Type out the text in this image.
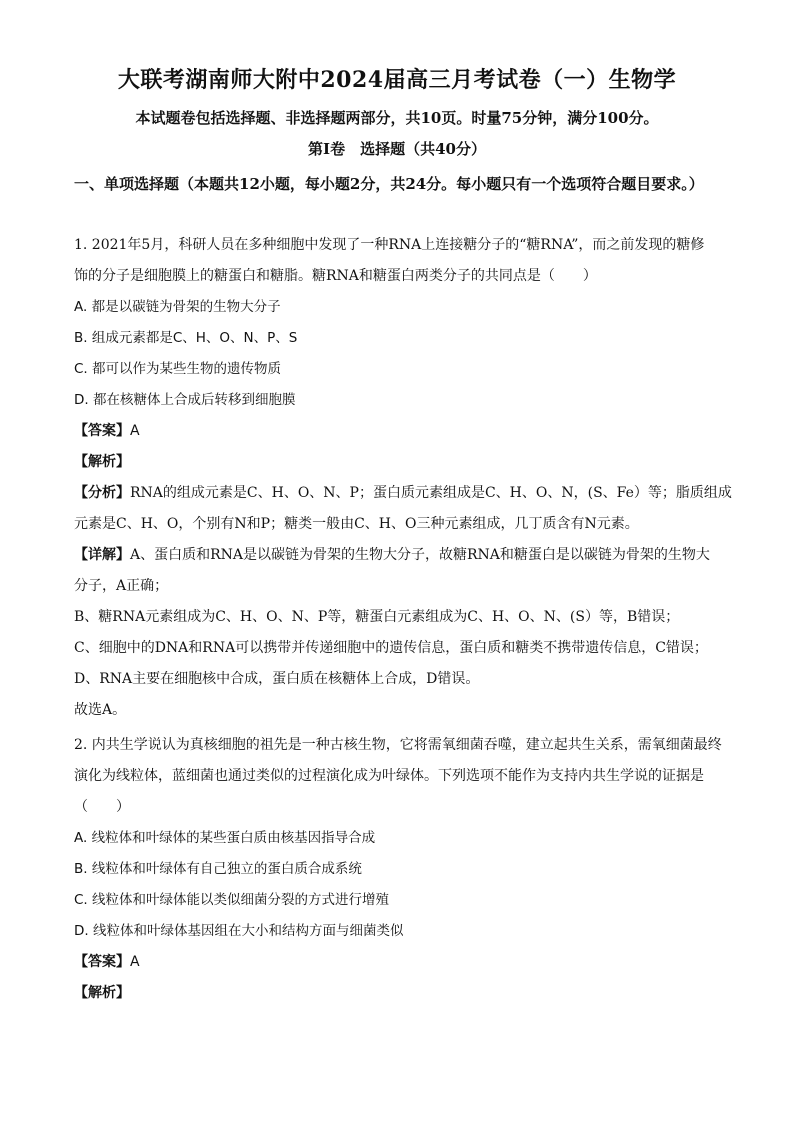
大联考湖南师大附中2024届高三月考试卷（一）生物学
本试题卷包括选择题、非选择题两部分，共10页。时量75分钟，满分100分。
第Ⅰ卷　选择题（共40分）
一、单项选择题（本题共12小题，每小题2分，共24分。每小题只有一个选项符合题目要求。）
1. 2021年5月，科研人员在多种细胞中发现了一种RNA上连接糖分子的“糖RNA”，而之前发现的糖修
饰的分子是细胞膜上的糖蛋白和糖脂。糖RNA和糖蛋白两类分子的共同点是（　　）
A. 都是以碳链为骨架的生物大分子
B. 组成元素都是C、H、O、N、P、S
C. 都可以作为某些生物的遗传物质
D. 都在核糖体上合成后转移到细胞膜
【答案】A
【解析】
【分析】RNA的组成元素是C、H、O、N、P；蛋白质元素组成是C、H、O、N，(S、Fe）等；脂质组成
元素是C、H、O，个别有N和P；糖类一般由C、H、O三种元素组成，几丁质含有N元素。
【详解】A、蛋白质和RNA是以碳链为骨架的生物大分子，故糖RNA和糖蛋白是以碳链为骨架的生物大
分子，A正确；
B、糖RNA元素组成为C、H、O、N、P等，糖蛋白元素组成为C、H、O、N、(S）等，B错误；
C、细胞中的DNA和RNA可以携带并传递细胞中的遗传信息，蛋白质和糖类不携带遗传信息，C错误；
D、RNA主要在细胞核中合成，蛋白质在核糖体上合成，D错误。
故选A。
2. 内共生学说认为真核细胞的祖先是一种古核生物，它将需氧细菌吞噬，建立起共生关系，需氧细菌最终
演化为线粒体，蓝细菌也通过类似的过程演化成为叶绿体。下列选项不能作为支持内共生学说的证据是
（　　）
A. 线粒体和叶绿体的某些蛋白质由核基因指导合成
B. 线粒体和叶绿体有自己独立的蛋白质合成系统
C. 线粒体和叶绿体能以类似细菌分裂的方式进行增殖
D. 线粒体和叶绿体基因组在大小和结构方面与细菌类似
【答案】A
【解析】
